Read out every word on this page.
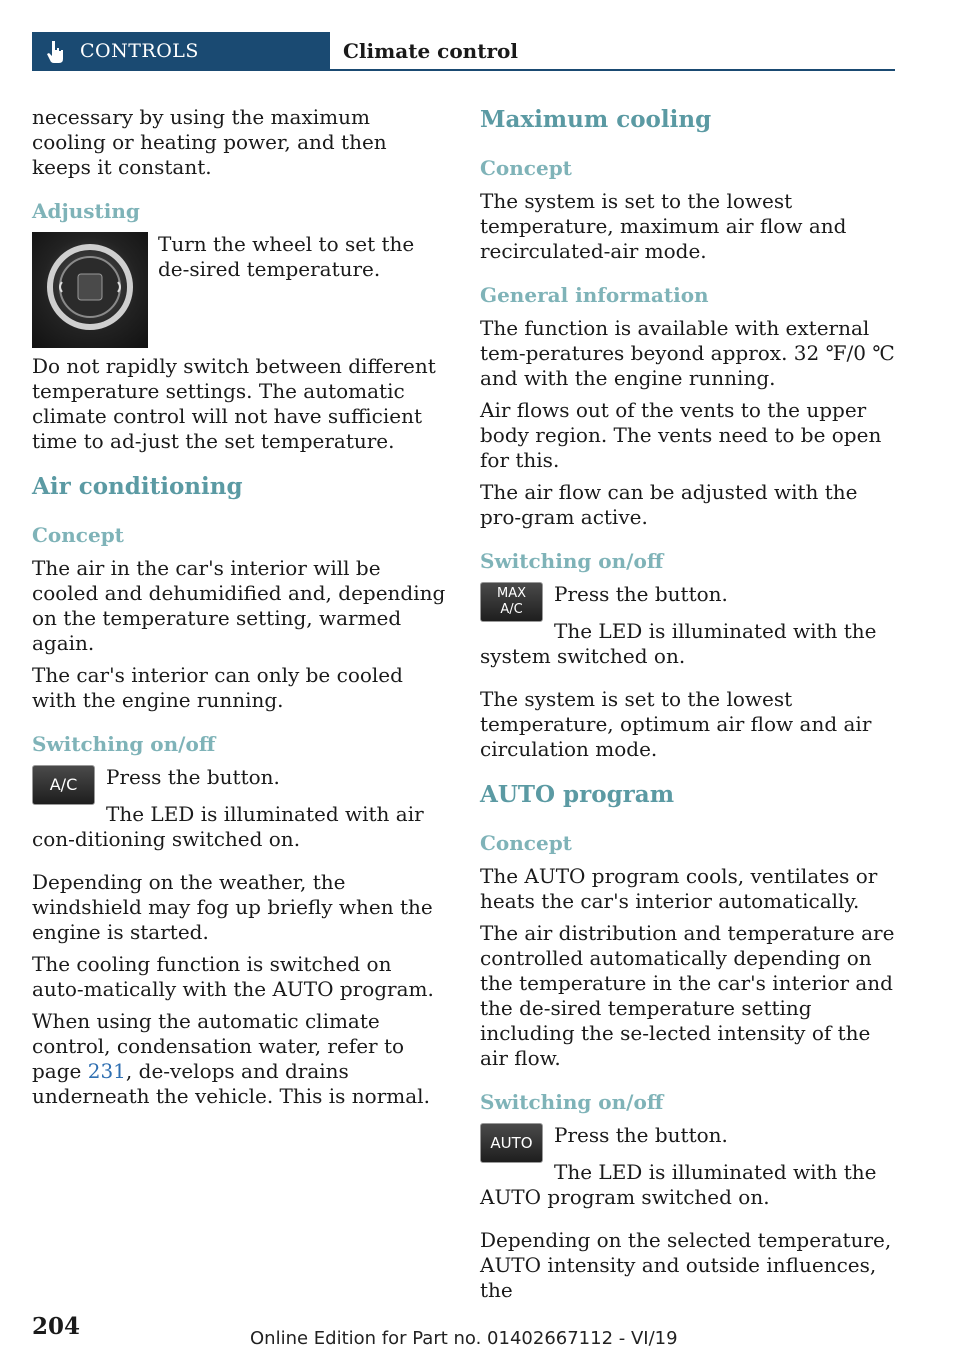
CONTROLS	Climate control

necessary by using the maximum cooling or heating power, and then keeps it constant.

Adjusting

Turn the wheel to set the de‐sired temperature.

Do not rapidly switch between different temperature settings. The automatic climate control will not have sufficient time to ad‐just the set temperature.

Air conditioning
Concept

The air in the car's interior will be cooled and dehumidified and, depending on the temperature setting, warmed again.

The car's interior can only be cooled with the engine running.

Switching on/off
A/C	Press the button.

The LED is illuminated with air con‐ditioning switched on.

Depending on the weather, the windshield may fog up briefly when the engine is started.

The cooling function is switched on auto‐matically with the AUTO program.

When using the automatic climate control, condensation water, refer to page 231, de‐velops and drains underneath the vehicle. This is normal.

Maximum cooling
Concept

The system is set to the lowest temperature, maximum air flow and recirculated-air mode.

General information

The function is available with external tem‐peratures beyond approx. 32 ℉/0 ℃ and with the engine running.

Air flows out of the vents to the upper body region. The vents need to be open for this.

The air flow can be adjusted with the pro‐gram active.

Switching on/off
MAX
A/C

Press the button.

The LED is illuminated with the system switched on.

The system is set to the lowest temperature, optimum air flow and air circulation mode.

AUTO program
Concept

The AUTO program cools, ventilates or heats the car's interior automatically.

The air distribution and temperature are controlled automatically depending on the temperature in the car's interior and the de‐sired temperature setting including the se‐lected intensity of the air flow.

Switching on/off
AUTO	Press the button.

The LED is illuminated with the AUTO program switched on.

Depending on the selected temperature, AUTO intensity and outside influences, the

204	Online Edition for Part no. 01402667112 - VI/19
